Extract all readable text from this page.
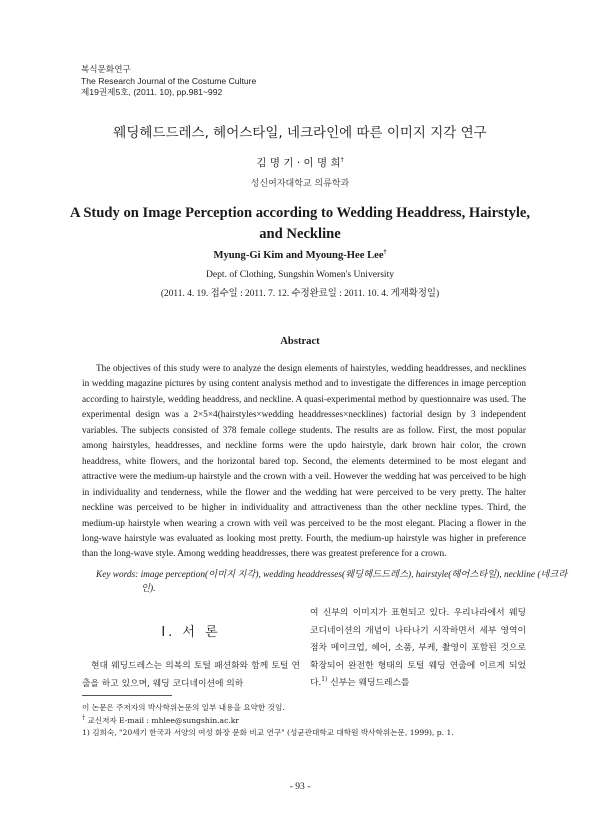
복식문화연구
The Research Journal of the Costume Culture
제19권제5호, (2011. 10), pp.981~992
웨딩헤드드레스, 헤어스타일, 네크라인에 따른 이미지 지각 연구
김 명 기 · 이 명 희†
성신여자대학교 의류학과
A Study on Image Perception according to Wedding Headdress, Hairstyle, and Neckline
Myung-Gi Kim and Myoung-Hee Lee†
Dept. of Clothing, Sungshin Women's University
(2011. 4. 19. 접수일 : 2011. 7. 12. 수정완료일 : 2011. 10. 4. 게재확정일)
Abstract

The objectives of this study were to analyze the design elements of hairstyles, wedding headdresses, and necklines in wedding magazine pictures by using content analysis method and to investigate the differences in image perception according to hairstyle, wedding headdress, and neckline. A quasi-experimental method by questionnaire was used. The experimental design was a 2×5×4(hairstyles×wedding headdresses×necklines) factorial design by 3 independent variables. The subjects consisted of 378 female college students. The results are as follow. First, the most popular among hairstyles, headdresses, and neckline forms were the updo hairstyle, dark brown hair color, the crown headdress, white flowers, and the horizontal bared top. Second, the elements determined to be most elegant and attractive were the medium-up hairstyle and the crown with a veil. However the wedding hat was perceived to be high in individuality and tenderness, while the flower and the wedding hat were perceived to be very pretty. The halter neckline was perceived to be higher in individuality and attractiveness than the other neckline types. Third, the medium-up hairstyle when wearing a crown with veil was perceived to be the most elegant. Placing a flower in the long-wave hairstyle was evaluated as looking most pretty. Fourth, the medium-up hairstyle was higher in preference than the long-wave style. Among wedding headdresses, there was greatest preference for a crown.

Key words: image perception(이미지 지각), wedding headdresses(웨딩헤드드레스), hairstyle(헤어스타일), neckline (네크라인).

Ⅰ. 서 론

현대 웨딩드레스는 의복의 토털 패션화와 함께 토털 연출을 하고 있으며, 웨딩 코디네이션에 의하

여 신부의 이미지가 표현되고 있다. 우리나라에서 웨딩 코디네이션의 개념이 나타나기 시작하면서 세부 영역이 점차 메이크업, 헤어, 소품, 부케, 촬영이 포함된 것으로 확장되어 완전한 형태의 토털 웨딩 연출에 이르게 되었다.$^{1)}$ 신부는 웨딩드레스를

이 논문은 주저자의 박사학위논문의 일부 내용을 요약한 것임.
† 교신저자 E-mail : mhlee@sungshin.ac.kr
1) 김희숙, "20세기 한국과 서양의 여성 화장 문화 비교 연구" (성균관대학교 대학원 박사학위논문, 1999), p. 1.
- 93 -
